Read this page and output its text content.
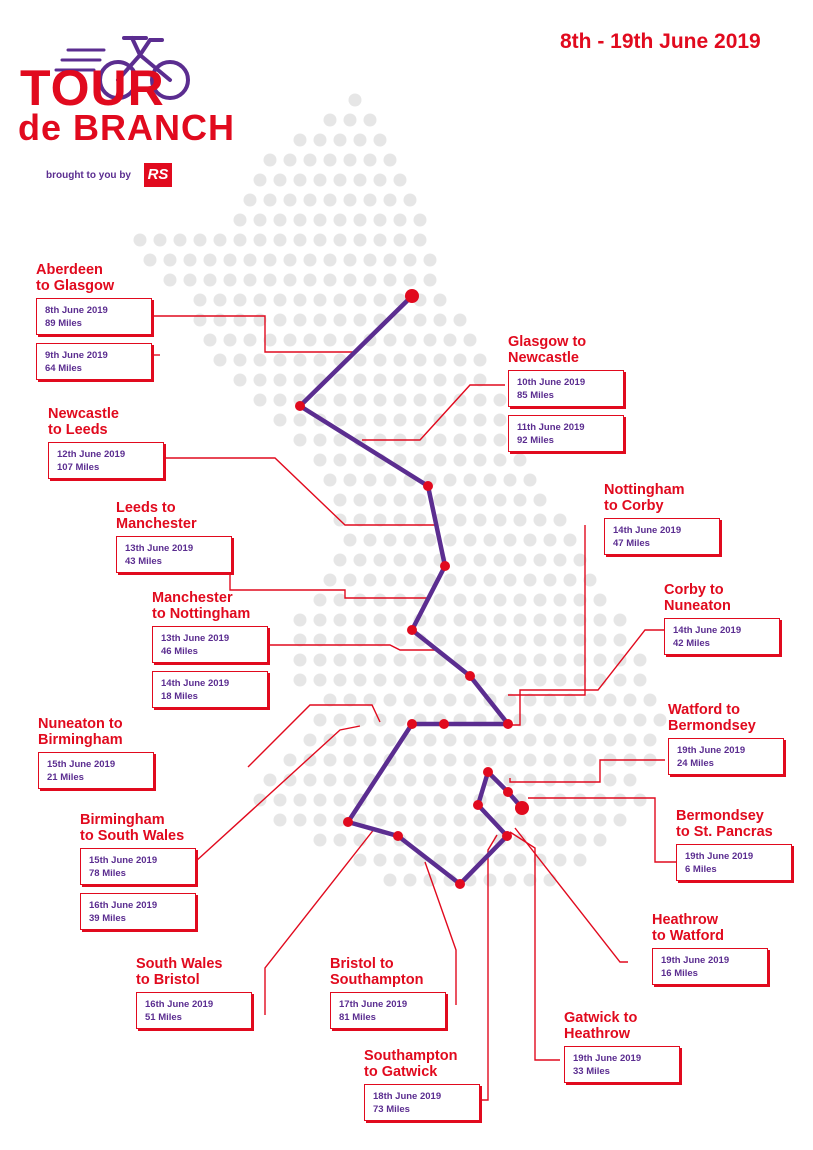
TOUR
de BRANCH
brought to you by RS
8th - 19th June 2019
Aberdeen
to Glasgow
8th June 2019
89 Miles
9th June 2019
64 Miles
Glasgow to
Newcastle
10th June 2019
85 Miles
11th June 2019
92 Miles
Newcastle
to Leeds
12th June 2019
107 Miles
Nottingham
to Corby
14th June 2019
47 Miles
Leeds to
Manchester
13th June 2019
43 Miles
Manchester
to Nottingham
13th June 2019
46 Miles
14th June 2019
18 Miles
Corby to
Nuneaton
14th June 2019
42 Miles
Nuneaton to
Birmingham
15th June 2019
21 Miles
Watford to
Bermondsey
19th June 2019
24 Miles
Birmingham
to South Wales
15th June 2019
78 Miles
16th June 2019
39 Miles
Bermondsey
to St. Pancras
19th June 2019
6 Miles
Heathrow
to Watford
19th June 2019
16 Miles
South Wales
to Bristol
16th June 2019
51 Miles
Bristol to
Southampton
17th June 2019
81 Miles	Gatwick to
Heathrow
19th June 2019
33 Miles
Southampton
to Gatwick
18th June 2019
73 Miles
